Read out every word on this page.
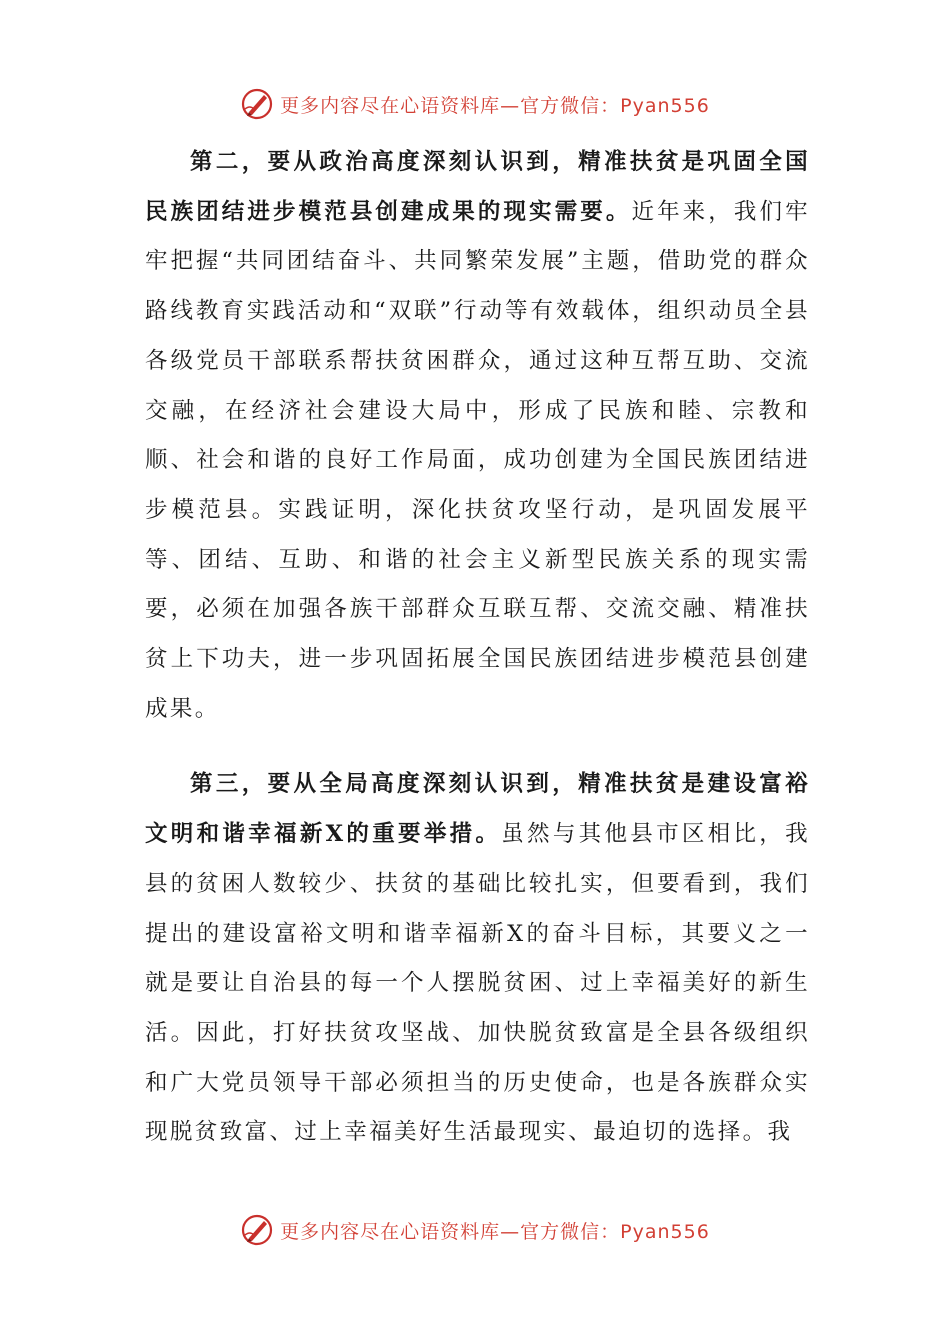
更多内容尽在心语资料库—官方微信：Pyan556

第二，要从政治高度深刻认识到，精准扶贫是巩固全国民族团结进步模范县创建成果的现实需要。近年来，我们牢牢把握“共同团结奋斗、共同繁荣发展”主题，借助党的群众路线教育实践活动和“双联”行动等有效载体，组织动员全县各级党员干部联系帮扶贫困群众，通过这种互帮互助、交流交融，在经济社会建设大局中，形成了民族和睦、宗教和顺、社会和谐的良好工作局面，成功创建为全国民族团结进步模范县。实践证明，深化扶贫攻坚行动，是巩固发展平等、团结、互助、和谐的社会主义新型民族关系的现实需要，必须在加强各族干部群众互联互帮、交流交融、精准扶贫上下功夫，进一步巩固拓展全国民族团结进步模范县创建成果。

第三，要从全局高度深刻认识到，精准扶贫是建设富裕文明和谐幸福新X的重要举措。虽然与其他县市区相比，我县的贫困人数较少、扶贫的基础比较扎实，但要看到，我们提出的建设富裕文明和谐幸福新X的奋斗目标，其要义之一就是要让自治县的每一个人摆脱贫困、过上幸福美好的新生活。因此，打好扶贫攻坚战、加快脱贫致富是全县各级组织和广大党员领导干部必须担当的历史使命，也是各族群众实现脱贫致富、过上幸福美好生活最现实、最迫切的选择。我

更多内容尽在心语资料库—官方微信：Pyan556
